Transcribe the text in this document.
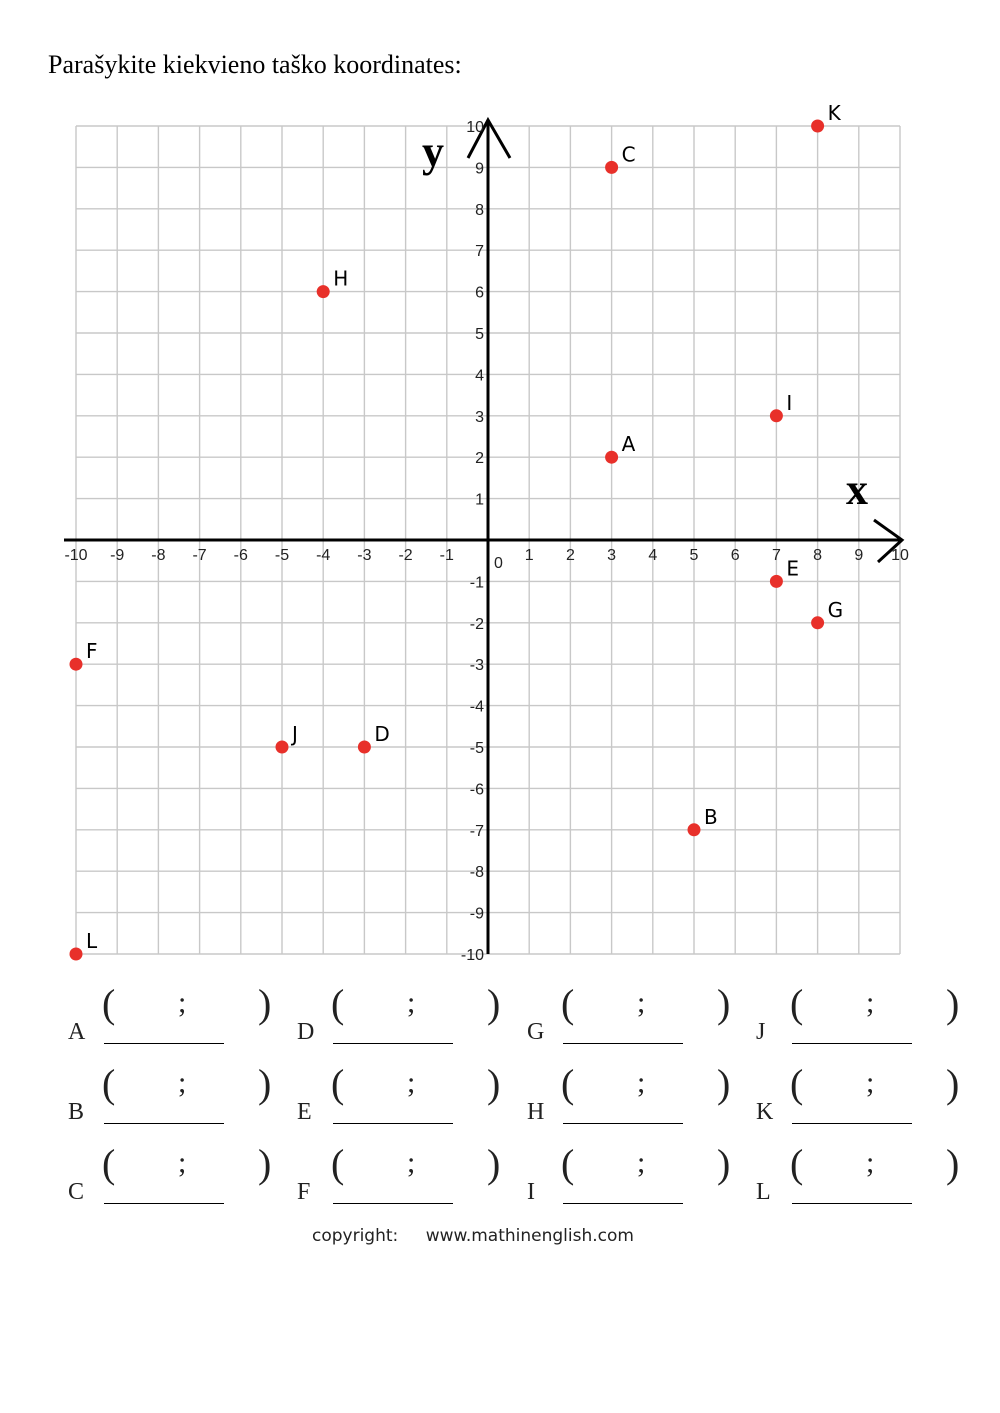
Parašykite kiekvieno taško koordinates:
-10 -9 -8 -7 -6 -5 -4 -3 -2 -1	1 2 3 4 5 6 7 8 9 10
10
9
8
7
6
5
4
3
2
1
-1
-2
-3
-4
-5
-6
-7
-8
-9
-10
0
A
B
C
D
E
F
G
H
I
J
K
L
y
x
A
( ; )
B
( ; )
C
( ; )
D
( ; )
E
( ; )
F
( ; )
G
( ; )
H
( ; )
I
( ; )
J
( ; )
K
( ; )
L
( ; )
copyright: www.mathinenglish.com
